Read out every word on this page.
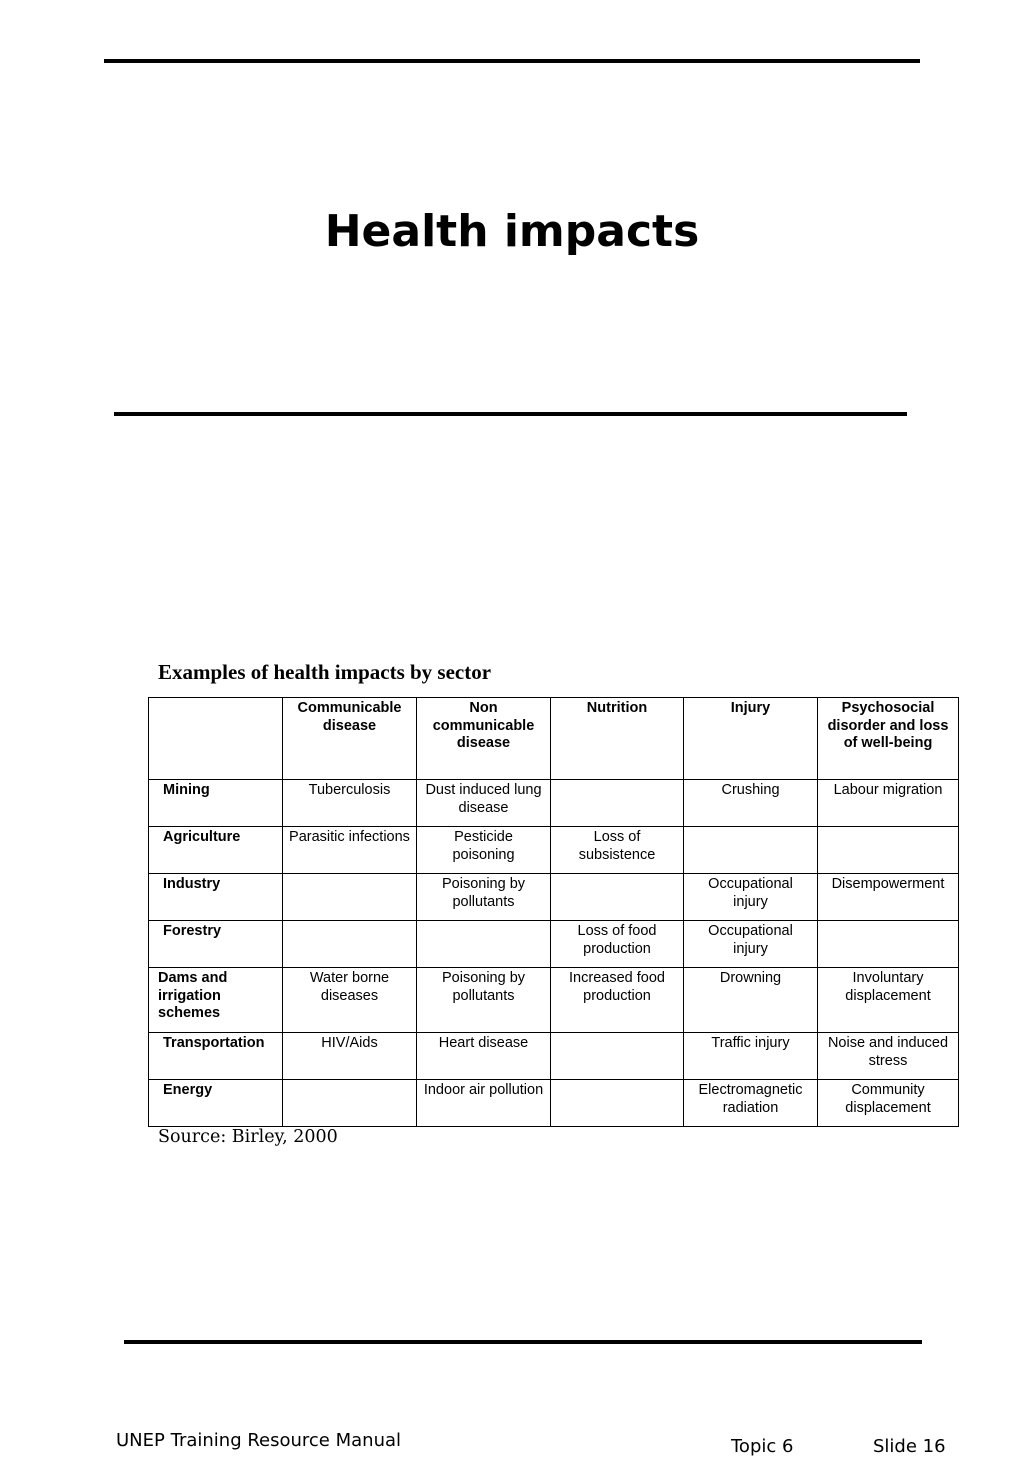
Health impacts
Examples of health impacts by sector
	Communicable disease	Non communicable disease	Nutrition	Injury	Psychosocial disorder and loss of well-being
Mining	Tuberculosis	Dust induced lung disease		Crushing	Labour migration
Agriculture	Parasitic infections	Pesticide poisoning	Loss of subsistence		
Industry		Poisoning by pollutants		Occupational injury	Disempowerment
Forestry			Loss of food production	Occupational injury	
Dams and irrigation schemes	Water borne diseases	Poisoning by pollutants	Increased food production	Drowning	Involuntary displacement
Transportation	HIV/Aids	Heart disease		Traffic injury	Noise and induced stress
Energy		Indoor air pollution		Electromagnetic radiation	Community displacement
Source: Birley, 2000
UNEP Training Resource Manual	Topic 6	Slide 16
